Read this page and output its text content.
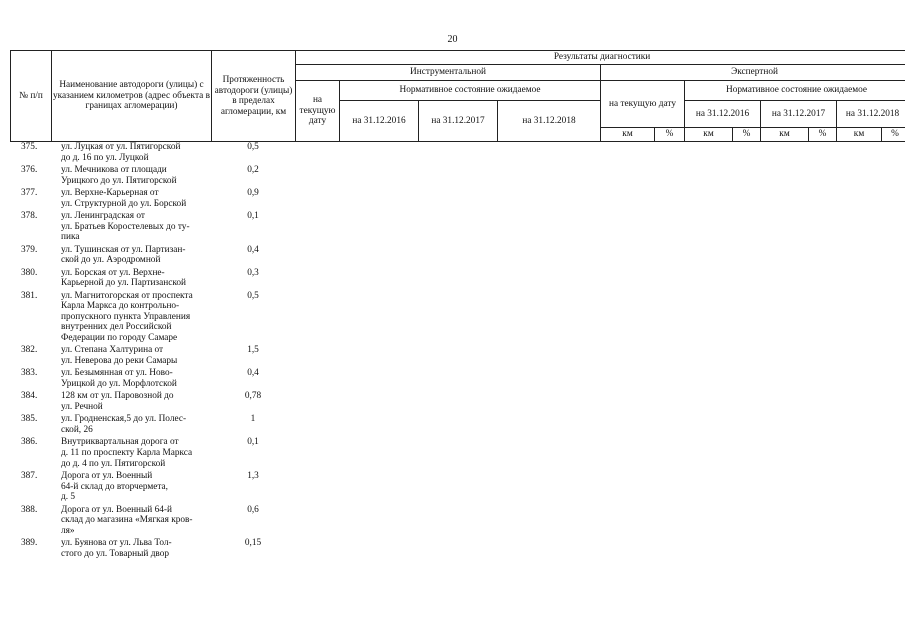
20
№ п/п	Наименование автодороги (улицы) с указанием километров (адрес объекта в границах агломерации)	Протяженность автодороги (улицы) в пределах агломерации, км	Результаты диагностики											
			Инструментальной				Экспертной							
			на текущую дату	Нормативное состояние ожидаемое			на текущую дату		Нормативное состояние ожидаемое					
				на 31.12.2016	на 31.12.2017	на 31.12.2018			на 31.12.2016		на 31.12.2017		на 31.12.2018	
							км	%	км	%	км	%	км	%
375.	ул. Луцкая от ул. Пятигорской
до д. 16 по ул. Луцкой
0,5
376.	ул. Мечникова от площади
Урицкого до ул. Пятигорской
0,2
377.	ул. Верхне-Карьерная от
ул. Структурной до ул. Борской
0,9
378.	ул. Ленинградская от
ул. Братьев Коростелевых до ту-
пика
0,1
379.	ул. Тушинская от ул. Партизан-
ской до ул. Аэродромной
0,4
380.	ул. Борская от ул. Верхне-
Карьерной до ул. Партизанской
0,3
381.	ул. Магнитогорская от проспекта
Карла Маркса до контрольно-
пропускного пункта Управления
внутренних дел Российской
Федерации по городу Самаре
0,5
382.	ул. Степана Халтурина от
ул. Неверова до реки Самары
1,5
383.	ул. Безымянная от ул. Ново-
Урицкой до ул. Морфлотской
0,4
384.	128 км от ул. Паровозной до
ул. Речной
0,78
385.	ул. Гродненская,5 до ул. Полес-
ской, 26
1
386.	Внутриквартальная дорога от
д. 11 по проспекту Карла Маркса
до д. 4 по ул. Пятигорской
0,1
387.	Дорога от ул. Военный
64-й склад до вторчермета,
д. 5
1,3
388.	Дорога от ул. Военный 64-й
склад до магазина «Мягкая кров-
ля»
0,6
389.	ул. Буянова от ул. Льва Тол-
стого до ул. Товарный двор
0,15
